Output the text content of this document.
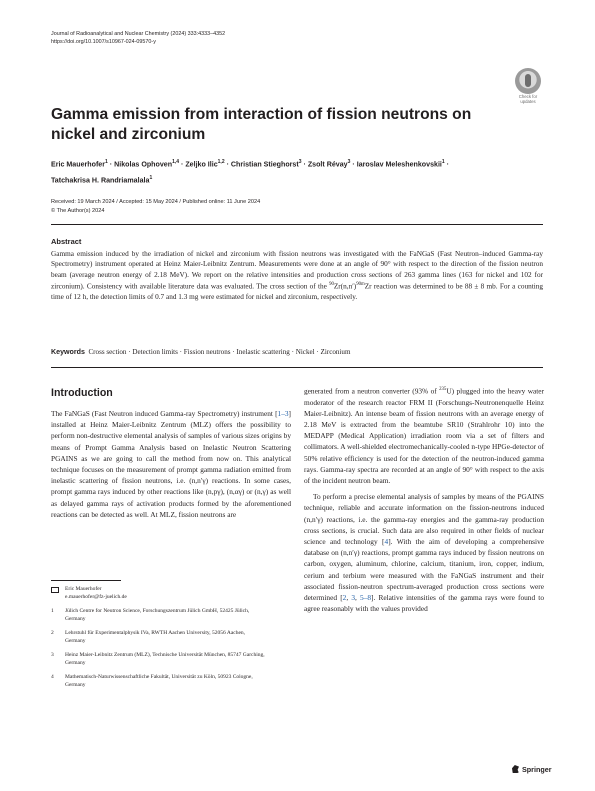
Journal of Radioanalytical and Nuclear Chemistry (2024) 333:4333–4352
https://doi.org/10.1007/s10967-024-09570-y
Check for
updates
Gamma emission from interaction of fission neutrons on nickel and zirconium
Eric Mauerhofer$^1$ · Nikolas Ophoven$^{1,4}$ · Zeljko Ilic$^{1,2}$ · Christian Stieghorst$^3$ · Zsolt Révay$^3$ · Iaroslav Meleshenkovskii$^1$ ·
Tatchakrisa H. Randriamalala$^1$
Received: 19 March 2024 / Accepted: 15 May 2024 / Published online: 11 June 2024
© The Author(s) 2024
Abstract
Gamma emission induced by the irradiation of nickel and zirconium with fission neutrons was investigated with the FaNGaS (Fast Neutron–induced Gamma-ray Spectrometry) instrument operated at Heinz Maier-Leibnitz Zentrum. Measurements were done at an angle of 90° with respect to the direction of the fission neutron beam (average neutron energy of 2.18 MeV). We report on the relative intensities and production cross sections of 263 gamma lines (163 for nickel and 102 for zirconium). Consistency with available literature data was evaluated. The cross section of the $^{90}Zr(n,n')^{90m}Zr$ reaction was determined to be 88 ± 8 mb. For a counting time of 12 h, the detection limits of 0.7 and 1.3 mg were estimated for nickel and zirconium, respectively.
Keywords Cross section · Detection limits · Fission neutrons · Inelastic scattering · Nickel · Zirconium
Introduction

The FaNGaS (Fast Neutron induced Gamma-ray Spectrometry) instrument [1–3] installed at Heinz Maier-Leibnitz Zentrum (MLZ) offers the possibility to perform non-destructive elemental analysis of samples of various sizes origins by means of Prompt Gamma Analysis based on Inelastic Neutron Scattering PGAINS as we are going to call the method from now on. This analytical technique focuses on the measurement of prompt gamma radiation emitted from inelastic scattering of fission neutrons, i.e. (n,n′γ) reactions. In some cases, prompt gamma rays induced by other reactions like (n,pγ), (n,αγ) or (n,γ) as well as delayed gamma rays of activation products formed by the aforementioned reactions can be detected as well. At MLZ, fission neutrons are

Eric Mauerhofer
e.mauerhofer@fz-juelich.de
1 Jülich Centre for Neutron Science, Forschungszentrum Jülich GmbH, 52425 Jülich, Germany
2 Lehrstuhl für Experimentalphysik IVa, RWTH Aachen University, 52056 Aachen, Germany
3 Heinz Maier-Leibnitz Zentrum (MLZ), Technische Universität München, 85747 Garching, Germany
4 Mathematisch-Naturwissenschaftliche Fakultät, Universität zu Köln, 50923 Cologne, Germany

generated from a neutron converter (93% of $^{235}$U) plugged into the heavy water moderator of the research reactor FRM II (Forschungs-Neutronenquelle Heinz Maier-Leibnitz). An intense beam of fission neutrons with an average energy of 2.18 MeV is extracted from the beamtube SR10 (Strahlrohr 10) into the MEDAPP (Medical Application) irradiation room via a set of filters and collimators. A well-shielded electromechanically-cooled n-type HPGe-detector of 50% relative efficiency is used for the detection of the neutron-induced gamma rays. Gamma-ray spectra are recorded at an angle of 90° with respect to the axis of the incident neutron beam.

To perform a precise elemental analysis of samples by means of the PGAINS technique, reliable and accurate information on the fission-neutrons induced (n,n′γ) reactions, i.e. the gamma-ray energies and the gamma-ray production cross sections, is crucial. Such data are also required in other fields of nuclear science and technology [4]. With the aim of developing a comprehensive database on (n,n′γ) reactions, prompt gamma rays induced by fission neutrons on carbon, oxygen, aluminum, chlorine, calcium, titanium, iron, copper, indium, cerium and terbium were measured with the FaNGaS instrument and their associated fission-neutron spectrum-averaged production cross sections were determined [2, 3, 5–8]. Relative intensities of the gamma rays were found to agree reasonably with the values provided

Springer
